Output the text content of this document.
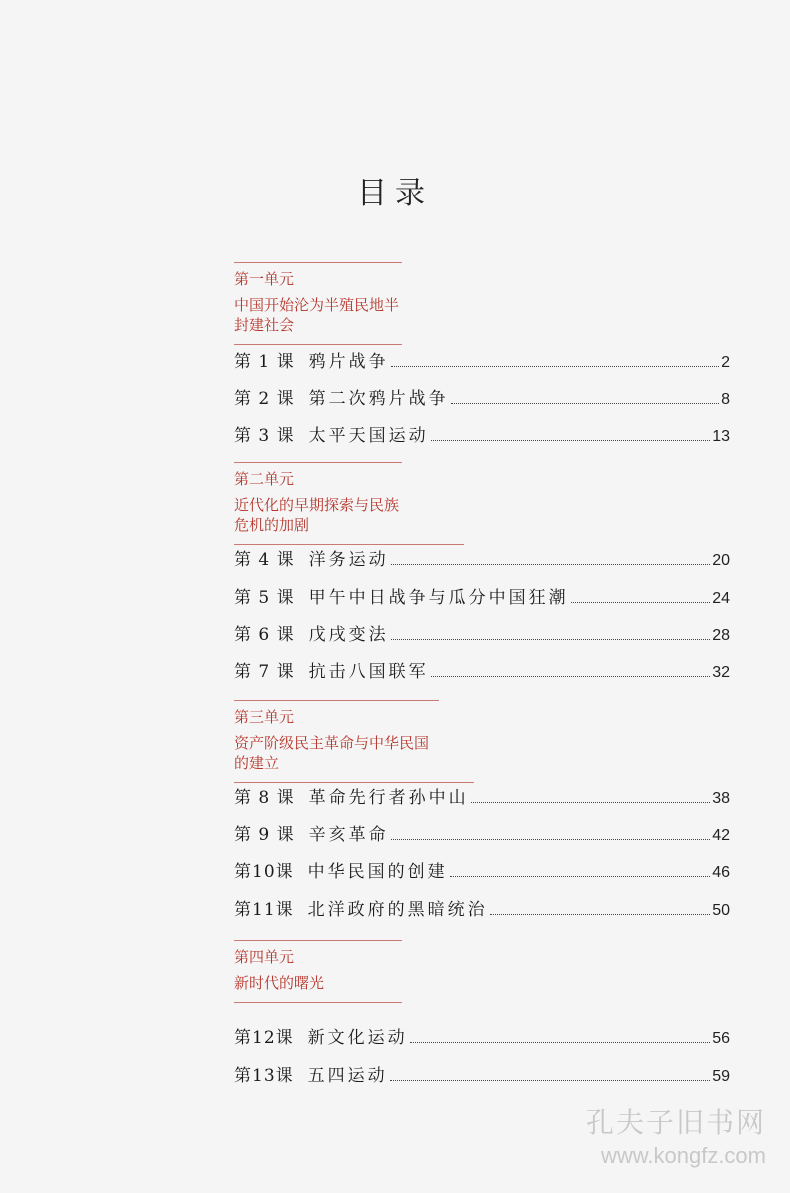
目录
第一单元
中国开始沦为半殖民地半封建社会
第 1 课 鸦片战争	2
第 2 课 第二次鸦片战争	8
第 3 课 太平天国运动	13
第二单元
近代化的早期探索与民族危机的加剧
第 4 课 洋务运动	20
第 5 课 甲午中日战争与瓜分中国狂潮	24
第 6 课 戊戌变法	28
第 7 课 抗击八国联军	32
第三单元
资产阶级民主革命与中华民国的建立
第 8 课 革命先行者孙中山	38
第 9 课 辛亥革命	42
第10课 中华民国的创建	46
第11课 北洋政府的黑暗统治	50
第四单元
新时代的曙光
第12课 新文化运动	56
第13课 五四运动	59
孔夫子旧书网
www.kongfz.com
